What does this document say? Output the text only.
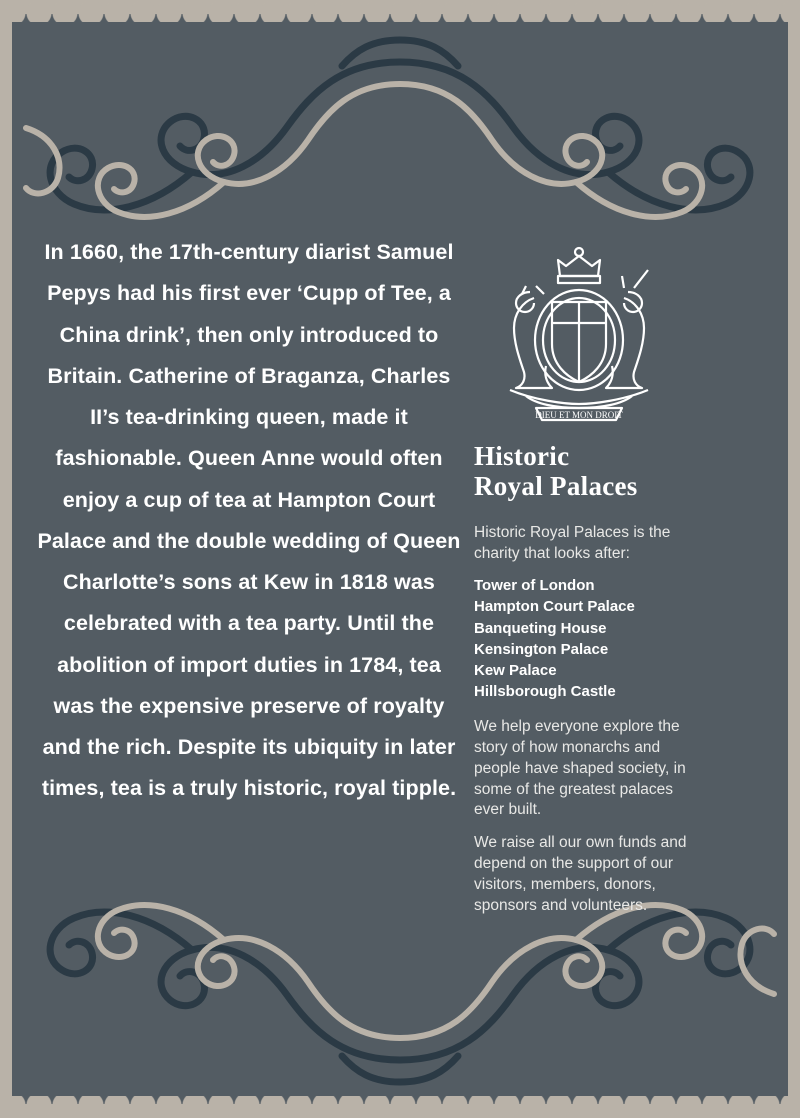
In 1660, the 17th-century diarist Samuel Pepys had his first ever ‘Cupp of Tee, a China drink’, then only introduced to Britain. Catherine of Braganza, Charles II’s tea-drinking queen, made it fashionable. Queen Anne would often enjoy a cup of tea at Hampton Court Palace and the double wedding of Queen Charlotte’s sons at Kew in 1818 was celebrated with a tea party. Until the abolition of import duties in 1784, tea was the expensive preserve of royalty and the rich. Despite its ubiquity in later times, tea is a truly historic, royal tipple.
DIEU ET MON DROIT
Historic
Royal Palaces
Historic Royal Palaces is the charity that looks after:
Tower of London
Hampton Court Palace
Banqueting House
Kensington Palace
Kew Palace
Hillsborough Castle
We help everyone explore the story of how monarchs and people have shaped society, in some of the greatest palaces ever built.
We raise all our own funds and depend on the support of our visitors, members, donors, sponsors and volunteers.
